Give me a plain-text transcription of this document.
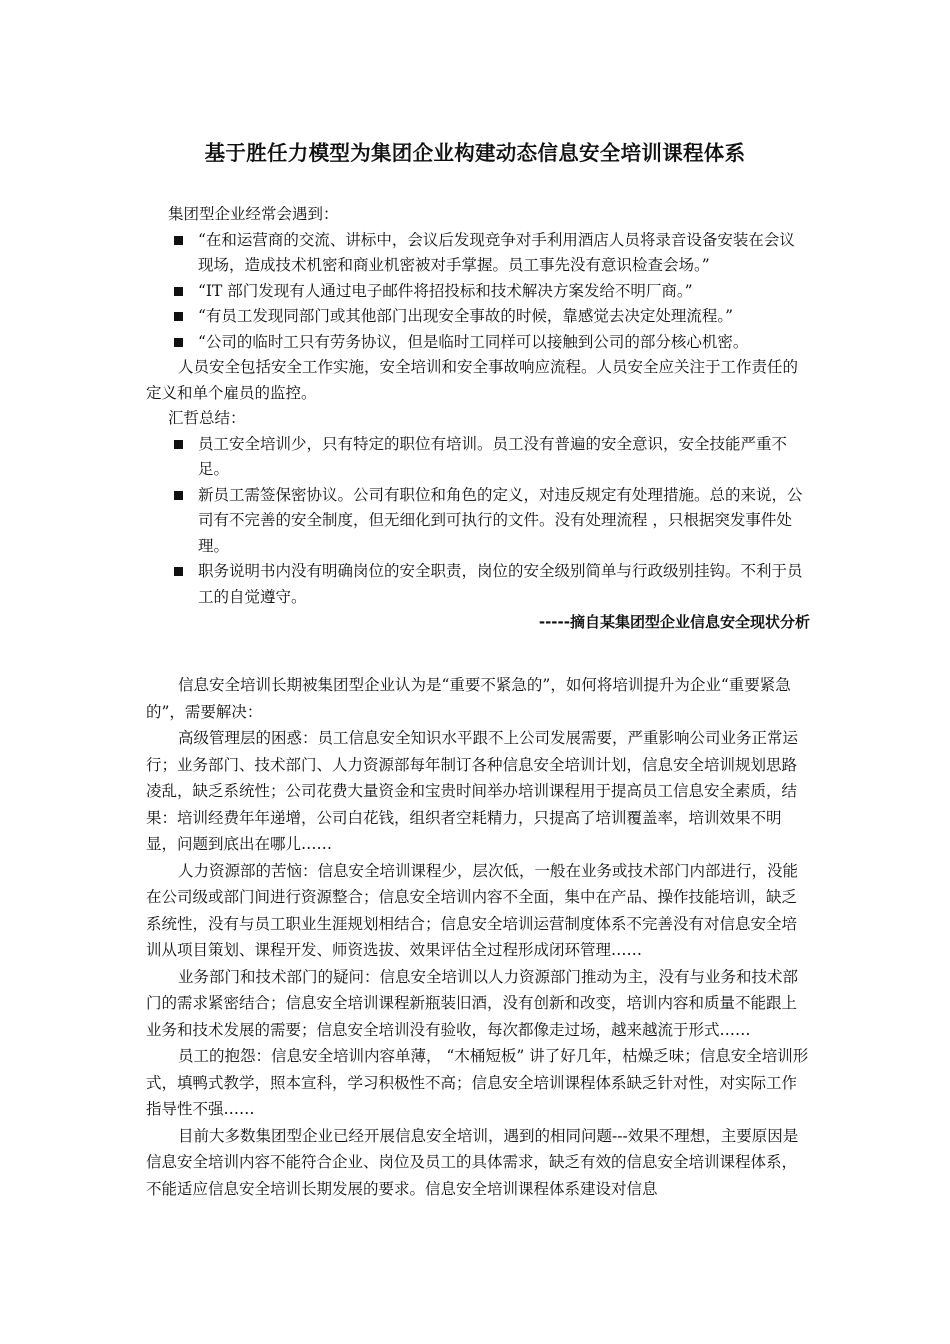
基于胜任力模型为集团企业构建动态信息安全培训课程体系

集团型企业经常会遇到：

“在和运营商的交流、讲标中，会议后发现竞争对手利用酒店人员将录音设备安装在会议现场，造成技术机密和商业机密被对手掌握。员工事先没有意识检查会场。”
“IT 部门发现有人通过电子邮件将招投标和技术解决方案发给不明厂商。”
“有员工发现同部门或其他部门出现安全事故的时候，靠感觉去决定处理流程。”
“公司的临时工只有劳务协议，但是临时工同样可以接触到公司的部分核心机密。

人员安全包括安全工作实施，安全培训和安全事故响应流程。人员安全应关注于工作责任的定义和单个雇员的监控。

汇哲总结：

员工安全培训少，只有特定的职位有培训。员工没有普遍的安全意识，安全技能严重不足。
新员工需签保密协议。公司有职位和角色的定义，对违反规定有处理措施。总的来说，公司有不完善的安全制度，但无细化到可执行的文件。没有处理流程 ，只根据突发事件处理。
职务说明书内没有明确岗位的安全职责，岗位的安全级别简单与行政级别挂钩。不利于员工的自觉遵守。

-----摘自某集团型企业信息安全现状分析

信息安全培训长期被集团型企业认为是“重要不紧急的”，如何将培训提升为企业“重要紧急的”，需要解决：

高级管理层的困惑：员工信息安全知识水平跟不上公司发展需要，严重影响公司业务正常运行；业务部门、技术部门、人力资源部每年制订各种信息安全培训计划，信息安全培训规划思路凌乱，缺乏系统性；公司花费大量资金和宝贵时间举办培训课程用于提高员工信息安全素质，结果：培训经费年年递增，公司白花钱，组织者空耗精力，只提高了培训覆盖率，培训效果不明显，问题到底出在哪儿……

人力资源部的苦恼：信息安全培训课程少，层次低，一般在业务或技术部门内部进行，没能在公司级或部门间进行资源整合；信息安全培训内容不全面，集中在产品、操作技能培训，缺乏系统性，没有与员工职业生涯规划相结合；信息安全培训运营制度体系不完善没有对信息安全培训从项目策划、课程开发、师资选拔、效果评估全过程形成闭环管理……

业务部门和技术部门的疑问：信息安全培训以人力资源部门推动为主，没有与业务和技术部门的需求紧密结合；信息安全培训课程新瓶装旧酒，没有创新和改变，培训内容和质量不能跟上业务和技术发展的需要；信息安全培训没有验收，每次都像走过场，越来越流于形式……

员工的抱怨：信息安全培训内容单薄， “木桶短板” 讲了好几年，枯燥乏味；信息安全培训形式，填鸭式教学，照本宣科，学习积极性不高；信息安全培训课程体系缺乏针对性，对实际工作指导性不强……

目前大多数集团型企业已经开展信息安全培训，遇到的相同问题---效果不理想，主要原因是信息安全培训内容不能符合企业、岗位及员工的具体需求，缺乏有效的信息安全培训课程体系，不能适应信息安全培训长期发展的要求。信息安全培训课程体系建设对信息
